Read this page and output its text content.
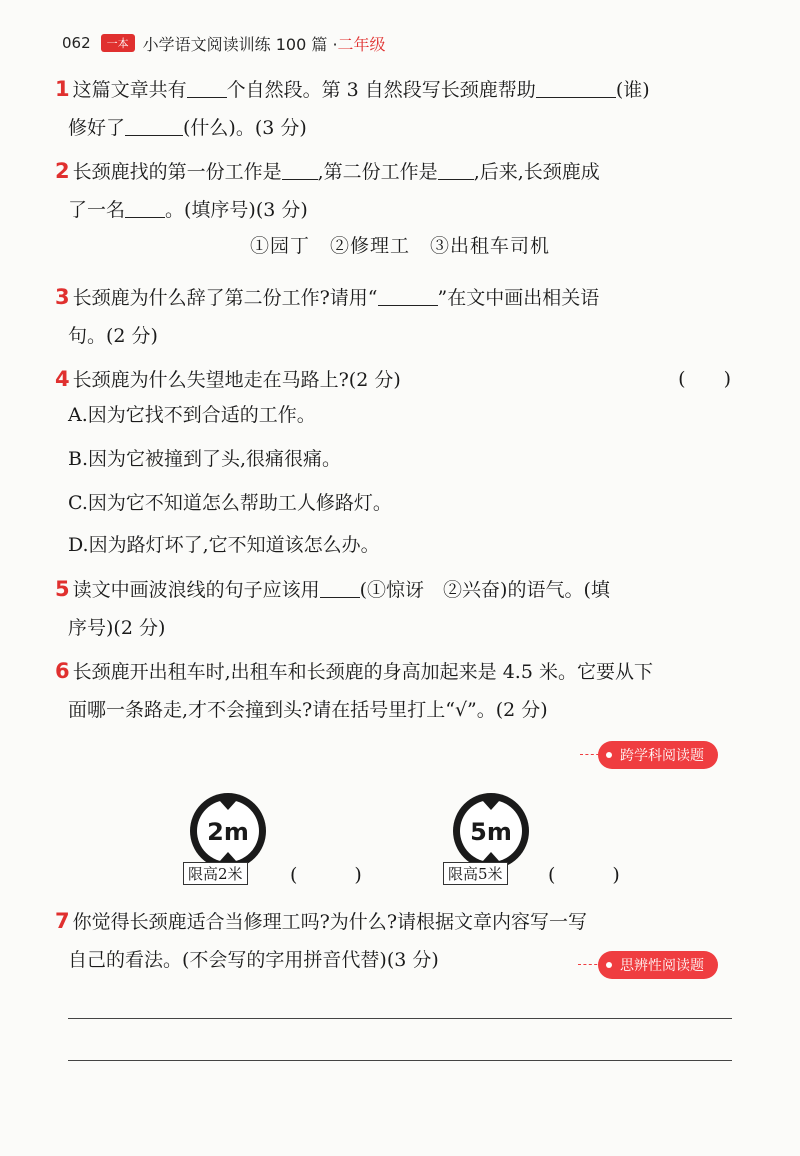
062	一本 小学语文阅读训练 100 篇 · 二年级
1 这篇文章共有 个自然段。第 3 自然段写长颈鹿帮助	(谁)
修好了	(什么)。(3 分)
2 长颈鹿找的第一份工作是 ,第二份工作是 ,后来,长颈鹿成
了一名 。(填序号)(3 分)
①园丁　②修理工　③出租车司机
3 长颈鹿为什么辞了第二份工作?请用“	”在文中画出相关语
句。(2 分)
4 长颈鹿为什么失望地走在马路上?(2 分)	(　　)
A.因为它找不到合适的工作。
B.因为它被撞到了头,很痛很痛。
C.因为它不知道怎么帮助工人修路灯。
D.因为路灯坏了,它不知道该怎么办。
5 读文中画波浪线的句子应该用 (①惊讶　②兴奋)的语气。(填
序号)(2 分)
6 长颈鹿开出租车时,出租车和长颈鹿的身高加起来是 4.5 米。它要从下
面哪一条路走,才不会撞到头?请在括号里打上“√”。(2 分)
跨学科阅读题
2m
限高2米 (　　　)
5m
限高5米 (　　　)
7 你觉得长颈鹿适合当修理工吗?为什么?请根据文章内容写一写
自己的看法。(不会写的字用拼音代替)(3 分)	思辨性阅读题
